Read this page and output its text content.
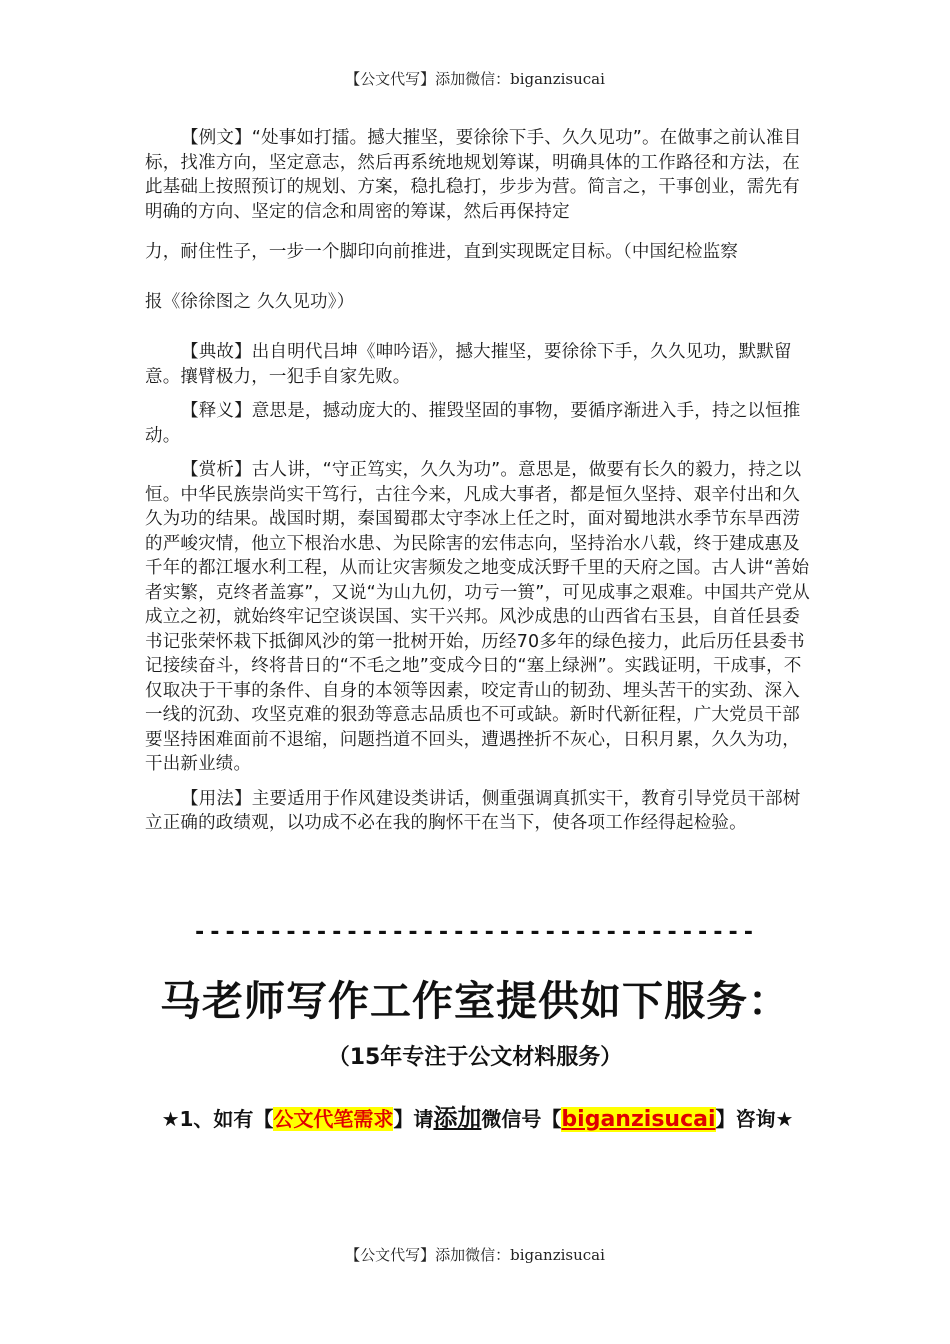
【公文代写】添加微信：biganzisucai

【例文】“处事如打擂。撼大摧坚，要徐徐下手、久久见功”。在做事之前认准目标，找准方向，坚定意志，然后再系统地规划筹谋，明确具体的工作路径和方法，在此基础上按照预订的规划、方案，稳扎稳打，步步为营。简言之，干事创业，需先有明确的方向、坚定的信念和周密的筹谋，然后再保持定

力，耐住性子，一步一个脚印向前推进，直到实现既定目标。（中国纪检监察

报《徐徐图之 久久见功》）

【典故】出自明代吕坤《呻吟语》，撼大摧坚，要徐徐下手，久久见功，默默留意。攘臂极力，一犯手自家先败。

【释义】意思是，撼动庞大的、摧毁坚固的事物，要循序渐进入手，持之以恒推动。

【赏析】古人讲，“守正笃实，久久为功”。意思是，做要有长久的毅力，持之以恒。中华民族崇尚实干笃行，古往今来，凡成大事者，都是恒久坚持、艰辛付出和久久为功的结果。战国时期，秦国蜀郡太守李冰上任之时，面对蜀地洪水季节东旱西涝的严峻灾情，他立下根治水患、为民除害的宏伟志向，坚持治水八载，终于建成惠及千年的都江堰水利工程，从而让灾害频发之地变成沃野千里的天府之国。古人讲“善始者实繁，克终者盖寡”，又说“为山九仞，功亏一篑”，可见成事之艰难。中国共产党从成立之初，就始终牢记空谈误国、实干兴邦。风沙成患的山西省右玉县，自首任县委书记张荣怀栽下抵御风沙的第一批树开始，历经70多年的绿色接力，此后历任县委书记接续奋斗，终将昔日的“不毛之地”变成今日的“塞上绿洲”。实践证明，干成事，不仅取决于干事的条件、自身的本领等因素，咬定青山的韧劲、埋头苦干的实劲、深入一线的沉劲、攻坚克难的狠劲等意志品质也不可或缺。新时代新征程，广大党员干部要坚持困难面前不退缩，问题挡道不回头，遭遇挫折不灰心，日积月累，久久为功，干出新业绩。

【用法】主要适用于作风建设类讲话，侧重强调真抓实干，教育引导党员干部树立正确的政绩观，以功成不必在我的胸怀干在当下，使各项工作经得起检验。

-------------------------------------
马老师写作工作室提供如下服务：
（15年专注于公文材料服务）
★1、如有【公文代笔需求】请添加微信号【biganzisucai】咨询★
【公文代写】添加微信：biganzisucai
